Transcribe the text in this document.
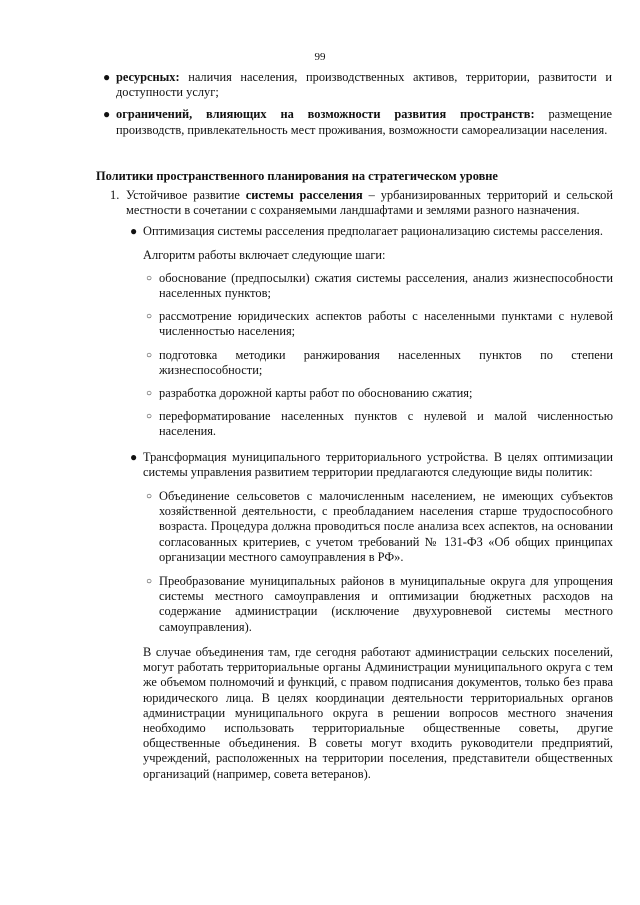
99
● ресурсных: наличия населения, производственных активов, территории, развитости и доступности услуг;
● ограничений, влияющих на возможности развития пространств: размещение производств, привлекательность мест проживания, возможности самореализации населения.

Политики пространственного планирования на стратегическом уровне

1. Устойчивое развитие системы расселения – урбанизированных территорий и сельской местности в сочетании с сохраняемыми ландшафтами и землями разного назначения.
● Оптимизация системы расселения предполагает рационализацию системы расселения.

Алгоритм работы включает следующие шаги:

○ обоснование (предпосылки) сжатия системы расселения, анализ жизнеспособности населенных пунктов;
○ рассмотрение юридических аспектов работы с населенными пунктами с нулевой численностью населения;
○ подготовка методики ранжирования населенных пунктов по степени жизнеспособности;
○ разработка дорожной карты работ по обоснованию сжатия;
○ переформатирование населенных пунктов с нулевой и малой численностью населения.
● Трансформация муниципального территориального устройства. В целях оптимизации системы управления развитием территории предлагаются следующие виды политик:
○ Объединение сельсоветов с малочисленным населением, не имеющих субъектов хозяйственной деятельности, с преобладанием населения старше трудоспособного возраста. Процедура должна проводиться после анализа всех аспектов, на основании согласованных критериев, с учетом требований № 131-ФЗ «Об общих принципах организации местного самоуправления в РФ».
○ Преобразование муниципальных районов в муниципальные округа для упрощения системы местного самоуправления и оптимизации бюджетных расходов на содержание администрации (исключение двухуровневой системы местного самоуправления).

В случае объединения там, где сегодня работают администрации сельских поселений, могут работать территориальные органы Администрации муниципального округа с тем же объемом полномочий и функций, с правом подписания документов, только без права юридического лица. В целях координации деятельности территориальных органов администрации муниципального округа в решении вопросов местного значения необходимо использовать территориальные общественные советы, другие общественные объединения. В советы могут входить руководители предприятий, учреждений, расположенных на территории поселения, представители общественных организаций (например, совета ветеранов).
